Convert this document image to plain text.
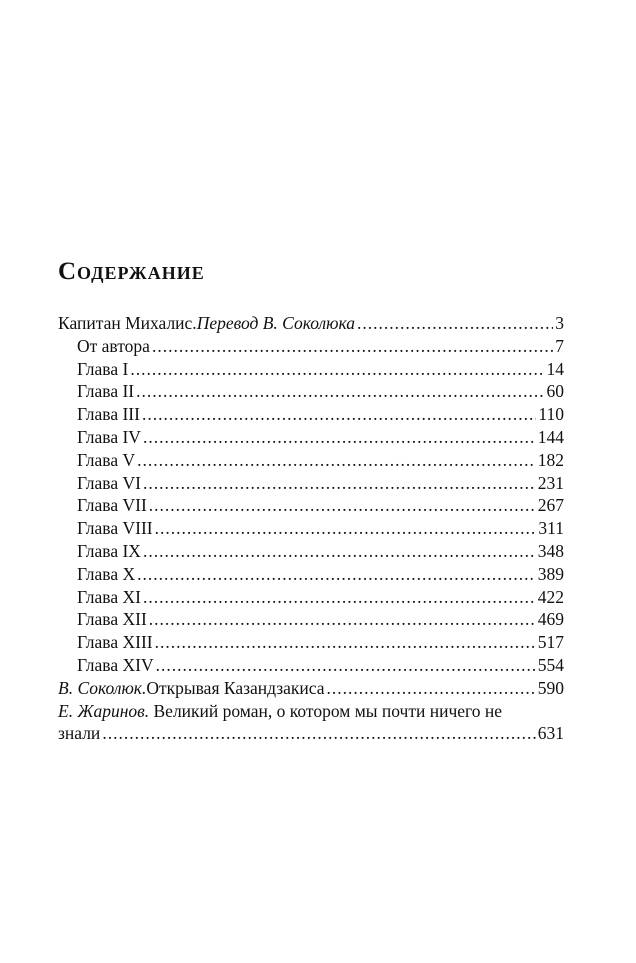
Содержание
Капитан Михалис. Перевод В. Соколюка .....	3
От автора .....	7
Глава I .....	14
Глава II .....	60
Глава III .....	110
Глава IV .....	144
Глава V .....	182
Глава VI .....	231
Глава VII .....	267
Глава VIII .....	311
Глава IX .....	348
Глава X .....	389
Глава XI .....	422
Глава XII .....	469
Глава XIII .....	517
Глава XIV .....	554
В. Соколюк. Открывая Казандзакиса .....	590
Е. Жаринов. Великий роман, о котором мы почти ничего не
знали .....	631
